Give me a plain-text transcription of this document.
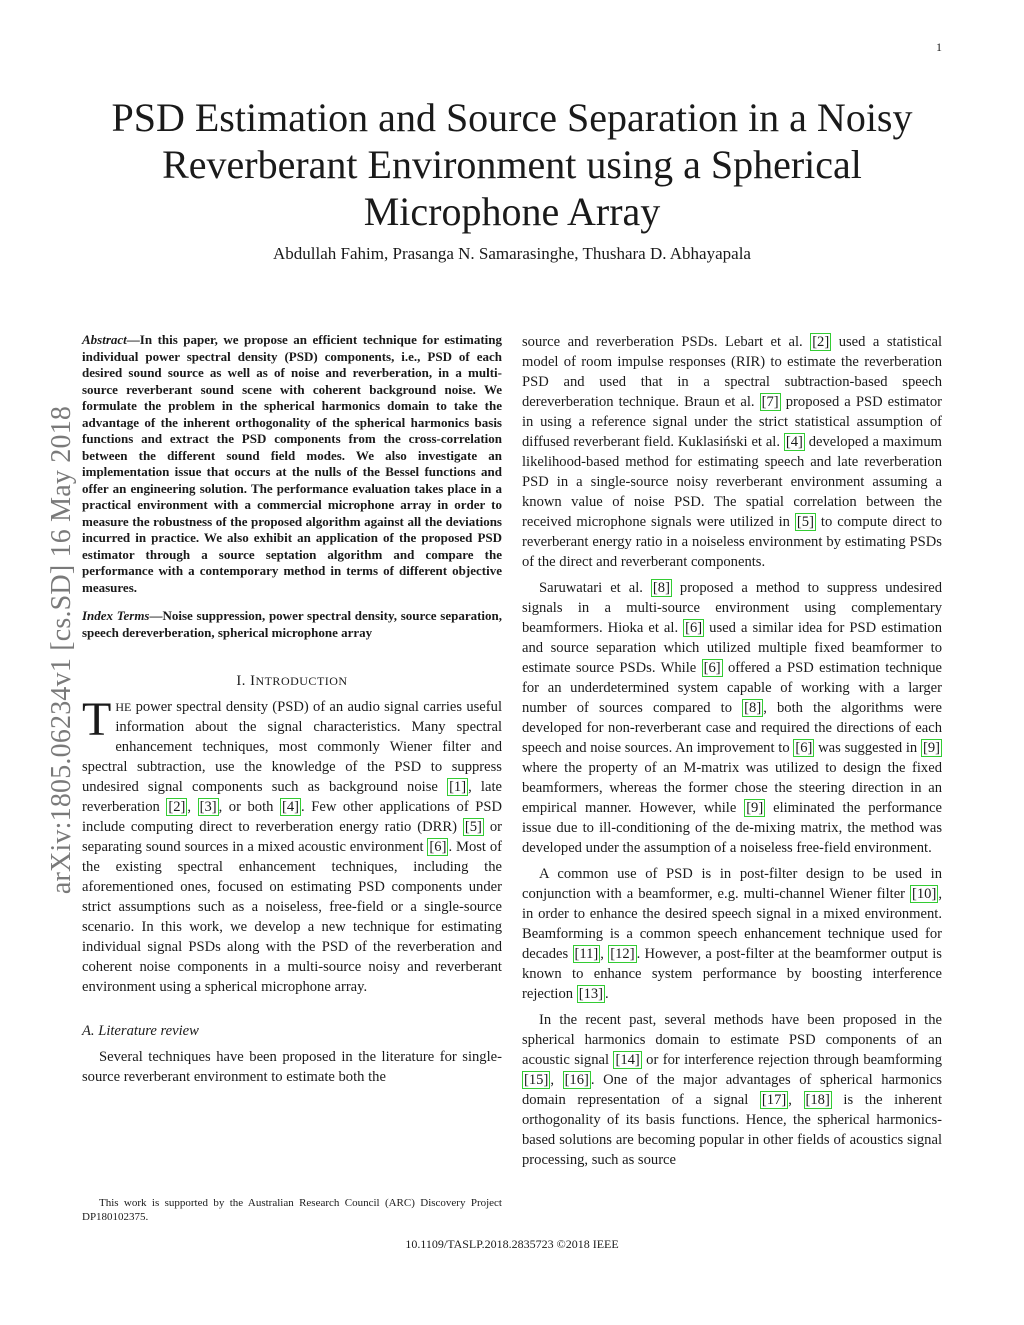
1
PSD Estimation and Source Separation in a Noisy Reverberant Environment using a Spherical Microphone Array
Abdullah Fahim, Prasanga N. Samarasinghe, Thushara D. Abhayapala
arXiv:1805.06234v1 [cs.SD] 16 May 2018

Abstract—In this paper, we propose an efficient technique for estimating individual power spectral density (PSD) components, i.e., PSD of each desired sound source as well as of noise and reverberation, in a multi-source reverberant sound scene with coherent background noise. We formulate the problem in the spherical harmonics domain to take the advantage of the inherent orthogonality of the spherical harmonics basis functions and extract the PSD components from the cross-correlation between the different sound field modes. We also investigate an implementation issue that occurs at the nulls of the Bessel functions and offer an engineering solution. The performance evaluation takes place in a practical environment with a commercial microphone array in order to measure the robustness of the proposed algorithm against all the deviations incurred in practice. We also exhibit an application of the proposed PSD estimator through a source septation algorithm and compare the performance with a contemporary method in terms of different objective measures.

Index Terms—Noise suppression, power spectral density, source separation, speech dereverberation, spherical microphone array

I. INTRODUCTION

THE power spectral density (PSD) of an audio signal carries useful information about the signal characteristics. Many spectral enhancement techniques, most commonly Wiener filter and spectral subtraction, use the knowledge of the PSD to suppress undesired signal components such as background noise [1] , late reverberation [2] , [3] , or both [4] . Few other applications of PSD include computing direct to reverberation energy ratio (DRR) [5] or separating sound sources in a mixed acoustic environment [6] . Most of the existing spectral enhancement techniques, including the aforementioned ones, focused on estimating PSD components under strict assumptions such as a noiseless, free-field or a single-source scenario. In this work, we develop a new technique for estimating individual signal PSDs along with the PSD of the reverberation and coherent noise components in a multi-source noisy and reverberant environment using a spherical microphone array.

A. Literature review

Several techniques have been proposed in the literature for single-source reverberant environment to estimate both the

source and reverberation PSDs. Lebart et al. [2] used a statistical model of room impulse responses (RIR) to estimate the reverberation PSD and used that in a spectral subtraction-based speech dereverberation technique. Braun et al. [7] proposed a PSD estimator in using a reference signal under the strict statistical assumption of diffused reverberant field. Kuklasiński et al. [4] developed a maximum likelihood-based method for estimating speech and late reverberation PSD in a single-source noisy reverberant environment assuming a known value of noise PSD. The spatial correlation between the received microphone signals were utilized in [5] to compute direct to reverberant energy ratio in a noiseless environment by estimating PSDs of the direct and reverberant components.

Saruwatari et al. [8] proposed a method to suppress undesired signals in a multi-source environment using complementary beamformers. Hioka et al. [6] used a similar idea for PSD estimation and source separation which utilized multiple fixed beamformer to estimate source PSDs. While [6] offered a PSD estimation technique for an underdetermined system capable of working with a larger number of sources compared to [8] , both the algorithms were developed for non-reverberant case and required the directions of each speech and noise sources. An improvement to [6] was suggested in [9] where the property of an M-matrix was utilized to design the fixed beamformers, whereas the former chose the steering direction in an empirical manner. However, while [9] eliminated the performance issue due to ill-conditioning of the de-mixing matrix, the method was developed under the assumption of a noiseless free-field environment.

A common use of PSD is in post-filter design to be used in conjunction with a beamformer, e.g. multi-channel Wiener filter [10] , in order to enhance the desired speech signal in a mixed environment. Beamforming is a common speech enhancement technique used for decades [11] , [12] . However, a post-filter at the beamformer output is known to enhance system performance by boosting interference rejection [13] .

In the recent past, several methods have been proposed in the spherical harmonics domain to estimate PSD components of an acoustic signal [14] or for interference rejection through beamforming [15] , [16] . One of the major advantages of spherical harmonics domain representation of a signal [17] , [18] is the inherent orthogonality of its basis functions. Hence, the spherical harmonics-based solutions are becoming popular in other fields of acoustics signal processing, such as source

This work is supported by the Australian Research Council (ARC) Discovery Project DP180102375.

10.1109/TASLP.2018.2835723 ©2018 IEEE
